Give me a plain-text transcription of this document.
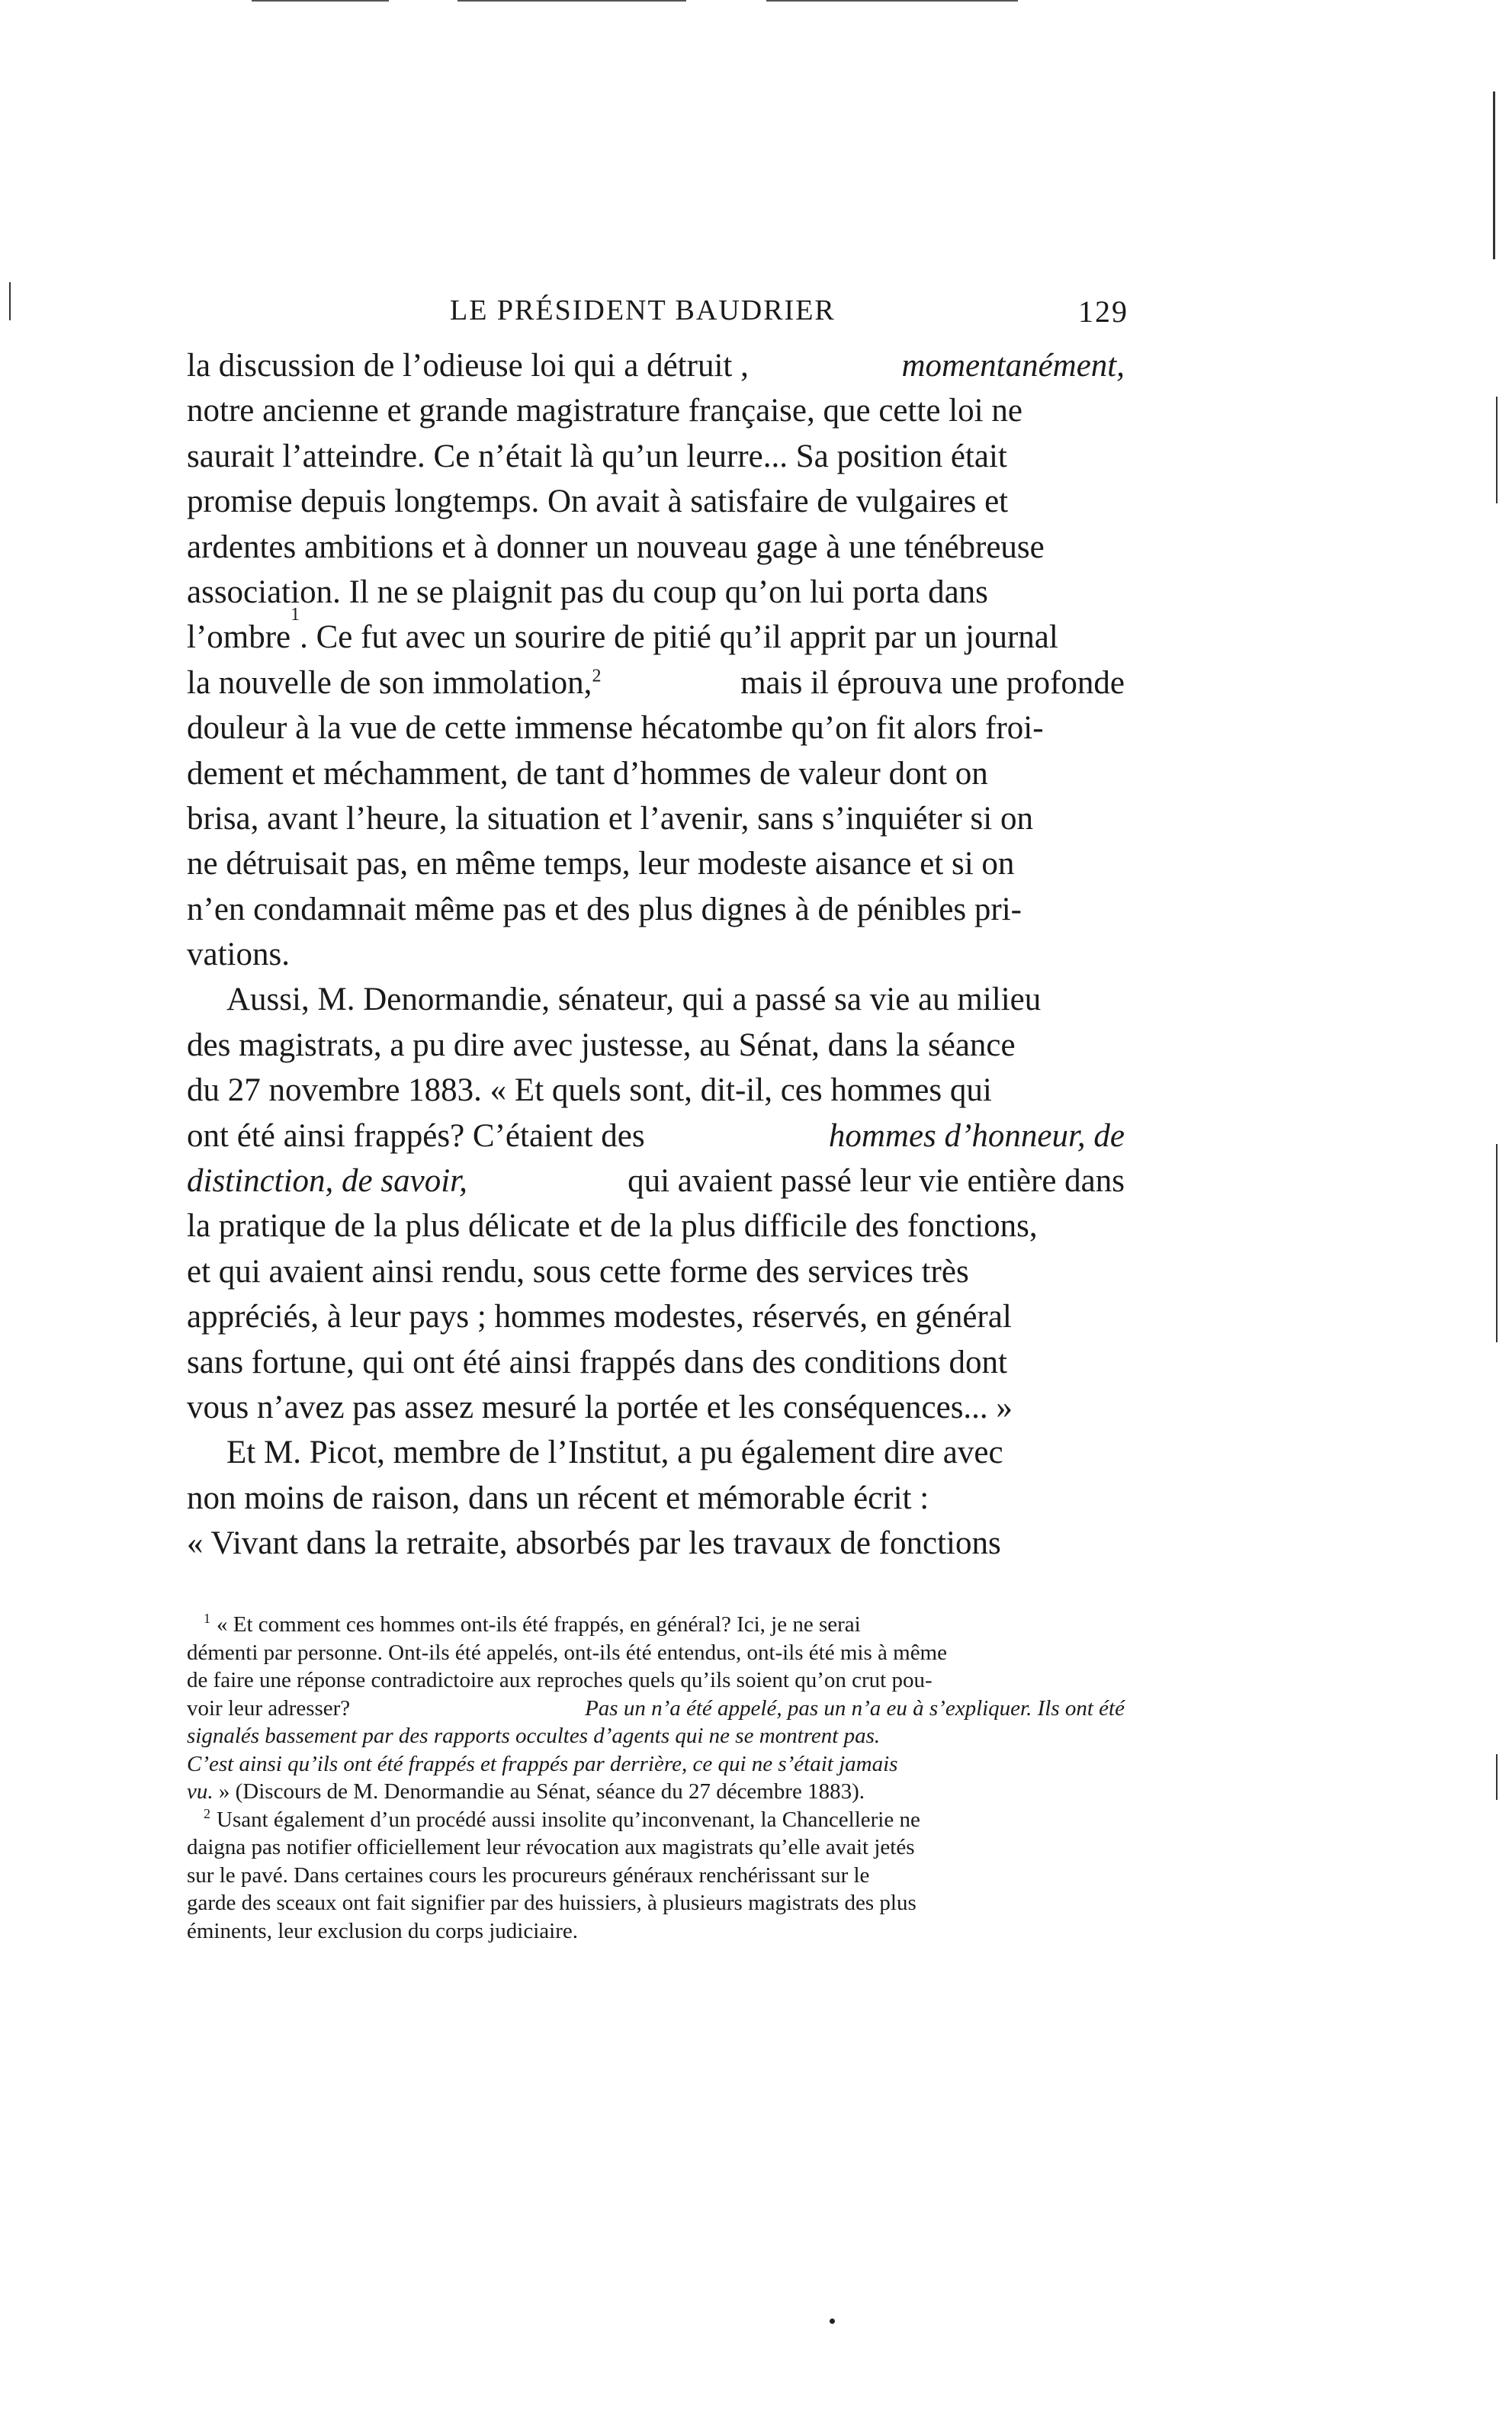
LE PRÉSIDENT BAUDRIER	129
la discussion de l’odieuse loi qui a détruit ,	momentanément,
notre ancienne et grande magistrature française, que cette loi ne
saurait l’atteindre. Ce n’était là qu’un leurre... Sa position était
promise depuis longtemps. On avait à satisfaire de vulgaires et
ardentes ambitions et à donner un nouveau gage à une ténébreuse
association. Il ne se plaignit pas du coup qu’on lui porta dans
l’ombre
1
. Ce fut avec un sourire de pitié qu’il apprit par un journal
la nouvelle de son immolation,$^2$	mais il éprouva une profonde
douleur à la vue de cette immense hécatombe qu’on fit alors froi-
dement et méchamment, de tant d’hommes de valeur dont on
brisa, avant l’heure, la situation et l’avenir, sans s’inquiéter si on
ne détruisait pas, en même temps, leur modeste aisance et si on
n’en condamnait même pas et des plus dignes à de pénibles pri-
vations.
Aussi, M. Denormandie, sénateur, qui a passé sa vie au milieu
des magistrats, a pu dire avec justesse, au Sénat, dans la séance
du 27 novembre 1883. « Et quels sont, dit-il, ces hommes qui
ont été ainsi frappés? C’étaient des	hommes d’honneur, de
distinction, de savoir,	qui avaient passé leur vie entière dans
la pratique de la plus délicate et de la plus difficile des fonctions,
et qui avaient ainsi rendu, sous cette forme des services très
appréciés, à leur pays ; hommes modestes, réservés, en général
sans fortune, qui ont été ainsi frappés dans des conditions dont
vous n’avez pas assez mesuré la portée et les conséquences... »
Et M. Picot, membre de l’Institut, a pu également dire avec
non moins de raison, dans un récent et mémorable écrit :
« Vivant dans la retraite, absorbés par les travaux de fonctions
$^1$ « Et comment ces hommes ont-ils été frappés, en général? Ici, je ne serai
démenti par personne. Ont-ils été appelés, ont-ils été entendus, ont-ils été mis à même
de faire une réponse contradictoire aux reproches quels qu’ils soient qu’on crut pou-
voir leur adresser?	Pas un n’a été appelé, pas un n’a eu à s’expliquer. Ils ont été
signalés bassement par des rapports occultes d’agents qui ne se montrent pas.
C’est ainsi qu’ils ont été frappés et frappés par derrière, ce qui ne s’était jamais
vu.
» (Discours de M. Denormandie au Sénat, séance du 27 décembre 1883).
$^2$ Usant également d’un procédé aussi insolite qu’inconvenant, la Chancellerie ne
daigna pas notifier officiellement leur révocation aux magistrats qu’elle avait jetés
sur le pavé. Dans certaines cours les procureurs généraux renchérissant sur le
garde des sceaux ont fait signifier par des huissiers, à plusieurs magistrats des plus
éminents, leur exclusion du corps judiciaire.
